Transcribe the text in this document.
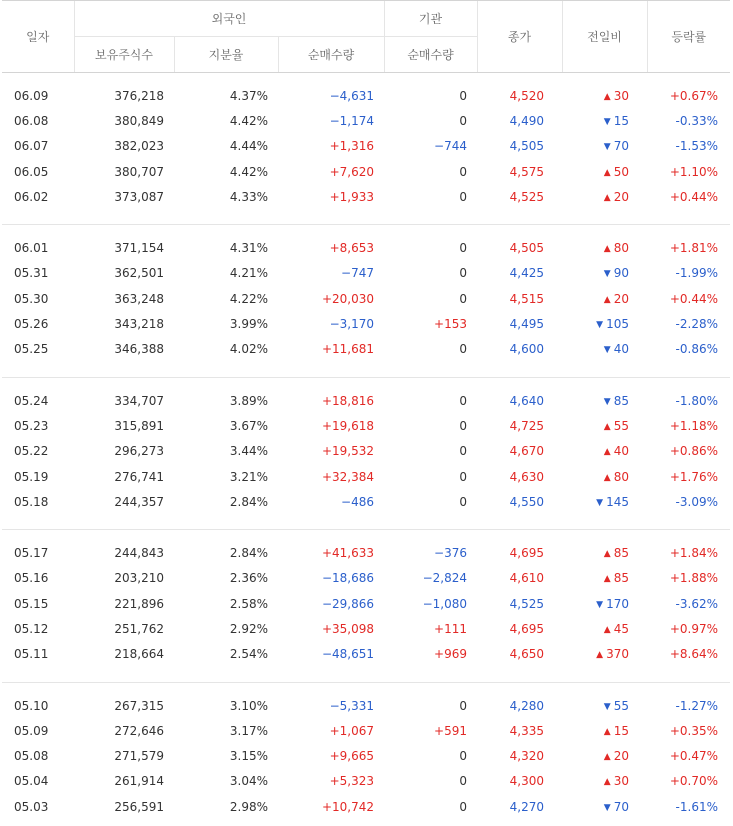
일자	외국인			기관	종가	전일비	등락률
	보유주식수	지분율	순매수량	순매수량			

06.09	376,218	4.37%	−4,631	0	4,520	▲ 30	+0.67%
06.08	380,849	4.42%	−1,174	0	4,490	▼ 15	-0.33%
06.07	382,023	4.44%	+1,316	−744	4,505	▼ 70	-1.53%
06.05	380,707	4.42%	+7,620	0	4,575	▲ 50	+1.10%
06.02	373,087	4.33%	+1,933	0	4,525	▲ 20	+0.44%

06.01	371,154	4.31%	+8,653	0	4,505	▲ 80	+1.81%
05.31	362,501	4.21%	−747	0	4,425	▼ 90	-1.99%
05.30	363,248	4.22%	+20,030	0	4,515	▲ 20	+0.44%
05.26	343,218	3.99%	−3,170	+153	4,495	▼ 105	-2.28%
05.25	346,388	4.02%	+11,681	0	4,600	▼ 40	-0.86%

05.24	334,707	3.89%	+18,816	0	4,640	▼ 85	-1.80%
05.23	315,891	3.67%	+19,618	0	4,725	▲ 55	+1.18%
05.22	296,273	3.44%	+19,532	0	4,670	▲ 40	+0.86%
05.19	276,741	3.21%	+32,384	0	4,630	▲ 80	+1.76%
05.18	244,357	2.84%	−486	0	4,550	▼ 145	-3.09%

05.17	244,843	2.84%	+41,633	−376	4,695	▲ 85	+1.84%
05.16	203,210	2.36%	−18,686	−2,824	4,610	▲ 85	+1.88%
05.15	221,896	2.58%	−29,866	−1,080	4,525	▼ 170	-3.62%
05.12	251,762	2.92%	+35,098	+111	4,695	▲ 45	+0.97%
05.11	218,664	2.54%	−48,651	+969	4,650	▲ 370	+8.64%

05.10	267,315	3.10%	−5,331	0	4,280	▼ 55	-1.27%
05.09	272,646	3.17%	+1,067	+591	4,335	▲ 15	+0.35%
05.08	271,579	3.15%	+9,665	0	4,320	▲ 20	+0.47%
05.04	261,914	3.04%	+5,323	0	4,300	▲ 30	+0.70%
05.03	256,591	2.98%	+10,742	0	4,270	▼ 70	-1.61%
